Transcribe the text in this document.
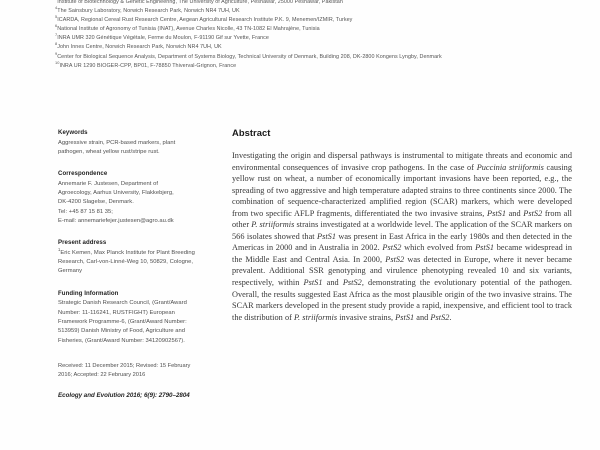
Institute of Biotechnology & Genetic Engineering, The University of Agriculture, Peshawar, 25000 Peshawar, Pakistan
$^4$The Sainsbury Laboratory, Norwich Research Park, Norwich NR4 7UH, UK
$^5$ICARDA, Regional Cereal Rust Research Centre, Aegean Agricultural Research Institute P.K. 9, Menemen/IZMIR, Turkey
$^6$National Institute of Agronomy of Tunisia (INAT), Avenue Charles Nicolle, 43 TN-1082 El Mahrajène, Tunisia
$^7$INRA UMR 320 Génétique Végétale, Ferme du Moulon, F-91190 Gif sur Yvette, France
$^8$John Innes Centre, Norwich Research Park, Norwich NR4 7UH, UK
$^9$Center for Biological Sequence Analysis, Department of Systems Biology, Technical University of Denmark, Building 208, DK-2800 Kongens Lyngby, Denmark
$^{10}$INRA UR 1290 BIOGER-CPP, BP01, F-78850 Thiverval-Grignon, France
Keywords
Aggressive strain, PCR-based markers, plant pathogen, wheat yellow rust/stripe rust.
Correspondence
Annemarie F. Justesen, Department of
Agroecology, Aarhus University, Flakkebjerg,
DK-4200 Slagelse, Denmark.
Tel: +45 87 15 81 35;
E-mail: annemariefejer.justesen@agro.au.dk
Present address
$^1$Eric Kemen, Max Planck Institute for Plant Breeding Research, Carl-von-Linné-Weg 10, 50829, Cologne, Germany
Funding Information
Strategic Danish Research Council, (Grant/Award Number: 11-116241, RUSTFIGHT) European Framework Programme-6, (Grant/Award Number: 513959) Danish Ministry of Food, Agriculture and Fisheries, (Grant/Award Number: 34120902567).
Received: 11 December 2015; Revised: 15 February 2016; Accepted: 22 February 2016
Ecology and Evolution 2016; 6(9): 2790–2804
Abstract
Investigating the origin and dispersal pathways is instrumental to mitigate threats and economic and environmental consequences of invasive crop pathogens. In the case of Puccinia striiformis causing yellow rust on wheat, a number of economically important invasions have been reported, e.g., the spreading of two aggressive and high temperature adapted strains to three continents since 2000. The combination of sequence-characterized amplified region (SCAR) markers, which were developed from two specific AFLP fragments, differentiated the two invasive strains, PstS1 and PstS2 from all other P. striiformis strains investigated at a worldwide level. The application of the SCAR markers on 566 isolates showed that PstS1 was present in East Africa in the early 1980s and then detected in the Americas in 2000 and in Australia in 2002. PstS2 which evolved from PstS1 became widespread in the Middle East and Central Asia. In 2000, PstS2 was detected in Europe, where it never became prevalent. Additional SSR genotyping and virulence phenotyping revealed 10 and six variants, respectively, within PstS1 and PstS2, demonstrating the evolutionary potential of the pathogen. Overall, the results suggested East Africa as the most plausible origin of the two invasive strains. The SCAR markers developed in the present study provide a rapid, inexpensive, and efficient tool to track the distribution of P. striiformis invasive strains, PstS1 and PstS2.
